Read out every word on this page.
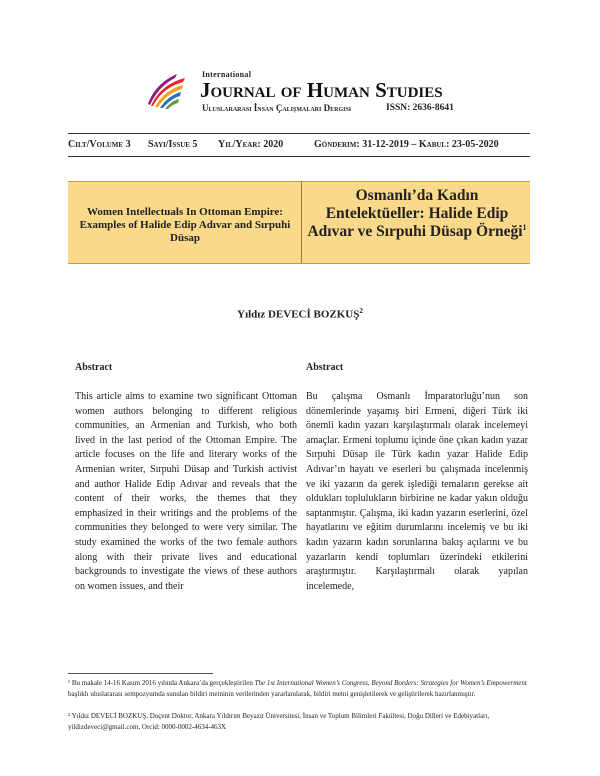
International
Journal of Human Studies
Uluslararası İnsan Çalışmaları Dergisi	ISSN: 2636-8641
Cilt/Volume 3 Sayı/Issue 5 Yıl/Year: 2020	Gönderim: 31-12-2019 – Kabul: 23-05-2020
Women Intellectuals In Ottoman Empire: Examples of Halide Edip Adıvar and Sırpuhi Düsap
Osmanlı’da Kadın Entelektüeller: Halide Edip Adıvar ve Sırpuhi Düsap Örneği$^1$
Yıldız DEVECİ BOZKUŞ$^2$
Abstract	Abstract
This article aims to examine two significant Ottoman women authors belonging to different religious communities, an Armenian and Turkish, who both lived in the last period of the Ottoman Empire. The article focuses on the life and literary works of the Armenian writer, Sırpuhi Düsap and Turkish activist and author Halide Edip Adıvar and reveals that the content of their works, the themes that they emphasized in their writings and the problems of the communities they belonged to were very similar. The study examined the works of the two female authors along with their private lives and educational backgrounds to investigate the views of these authors on women issues, and their
Bu çalışma Osmanlı İmparatorluğu’nun son dönemlerinde yaşamış biri Ermeni, diğeri Türk iki önemli kadın yazarı karşılaştırmalı olarak incelemeyi amaçlar. Ermeni toplumu içinde öne çıkan kadın yazar Sırpuhi Düsap ile Türk kadın yazar Halide Edip Adıvar’ın hayatı ve eserleri bu çalışmada incelenmiş ve iki yazarın da gerek işlediği temaların gerekse ait oldukları toplulukların birbirine ne kadar yakın olduğu saptanmıştır. Çalışma, iki kadın yazarın eserlerini, özel hayatlarını ve eğitim durumlarını incelemiş ve bu iki kadın yazarın kadın sorunlarına bakış açılarını ve bu yazarların kendi toplumları üzerindeki etkilerini araştırmıştır. Karşılaştırmalı olarak yapılan incelemede,
¹ Bu makale 14-16 Kasım 2016 yılında Ankara’da gerçekleştirilen The 1st International Women’s Congress, Beyond Borders: Strategies for Women’s Empowerment başlıklı uluslararası sempozyumda sunulan bildiri metninin verilerinden yararlanılarak, bildiri metni genişletilerek ve geliştirilerek hazırlanmıştır.
² Yıldız DEVECİ BOZKUŞ, Doçent Doktor, Ankara Yıldırım Beyazıt Üniversitesi, İnsan ve Toplum Bilimleri Fakültesi, Doğu Dilleri ve Edebiyatları, yildizdeveci@gmail.com, Orcid: 0000-0002-4634-463X
